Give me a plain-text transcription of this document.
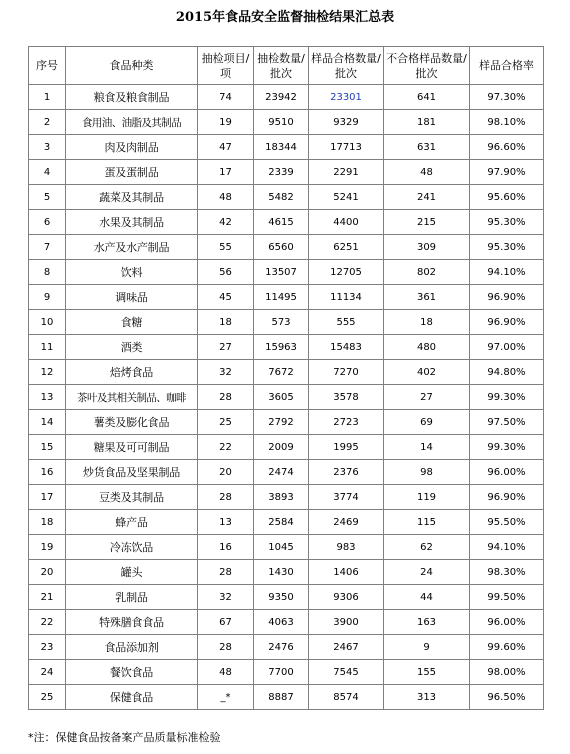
2015年食品安全监督抽检结果汇总表
序号	食品种类	抽检项目/项	抽检数量/批次	样品合格数量/批次	不合格样品数量/批次	样品合格率
1	粮食及粮食制品	74	23942	23301	641	97.30%
2	食用油、油脂及其制品	19	9510	9329	181	98.10%
3	肉及肉制品	47	18344	17713	631	96.60%
4	蛋及蛋制品	17	2339	2291	48	97.90%
5	蔬菜及其制品	48	5482	5241	241	95.60%
6	水果及其制品	42	4615	4400	215	95.30%
7	水产及水产制品	55	6560	6251	309	95.30%
8	饮料	56	13507	12705	802	94.10%
9	调味品	45	11495	11134	361	96.90%
10	食糖	18	573	555	18	96.90%
11	酒类	27	15963	15483	480	97.00%
12	焙烤食品	32	7672	7270	402	94.80%
13	茶叶及其相关制品、咖啡	28	3605	3578	27	99.30%
14	薯类及膨化食品	25	2792	2723	69	97.50%
15	糖果及可可制品	22	2009	1995	14	99.30%
16	炒货食品及坚果制品	20	2474	2376	98	96.00%
17	豆类及其制品	28	3893	3774	119	96.90%
18	蜂产品	13	2584	2469	115	95.50%
19	冷冻饮品	16	1045	983	62	94.10%
20	罐头	28	1430	1406	24	98.30%
21	乳制品	32	9350	9306	44	99.50%
22	特殊膳食食品	67	4063	3900	163	96.00%
23	食品添加剂	28	2476	2467	9	99.60%
24	餐饮食品	48	7700	7545	155	98.00%
25	保健食品	_*	8887	8574	313	96.50%
*注：保健食品按备案产品质量标准检验
